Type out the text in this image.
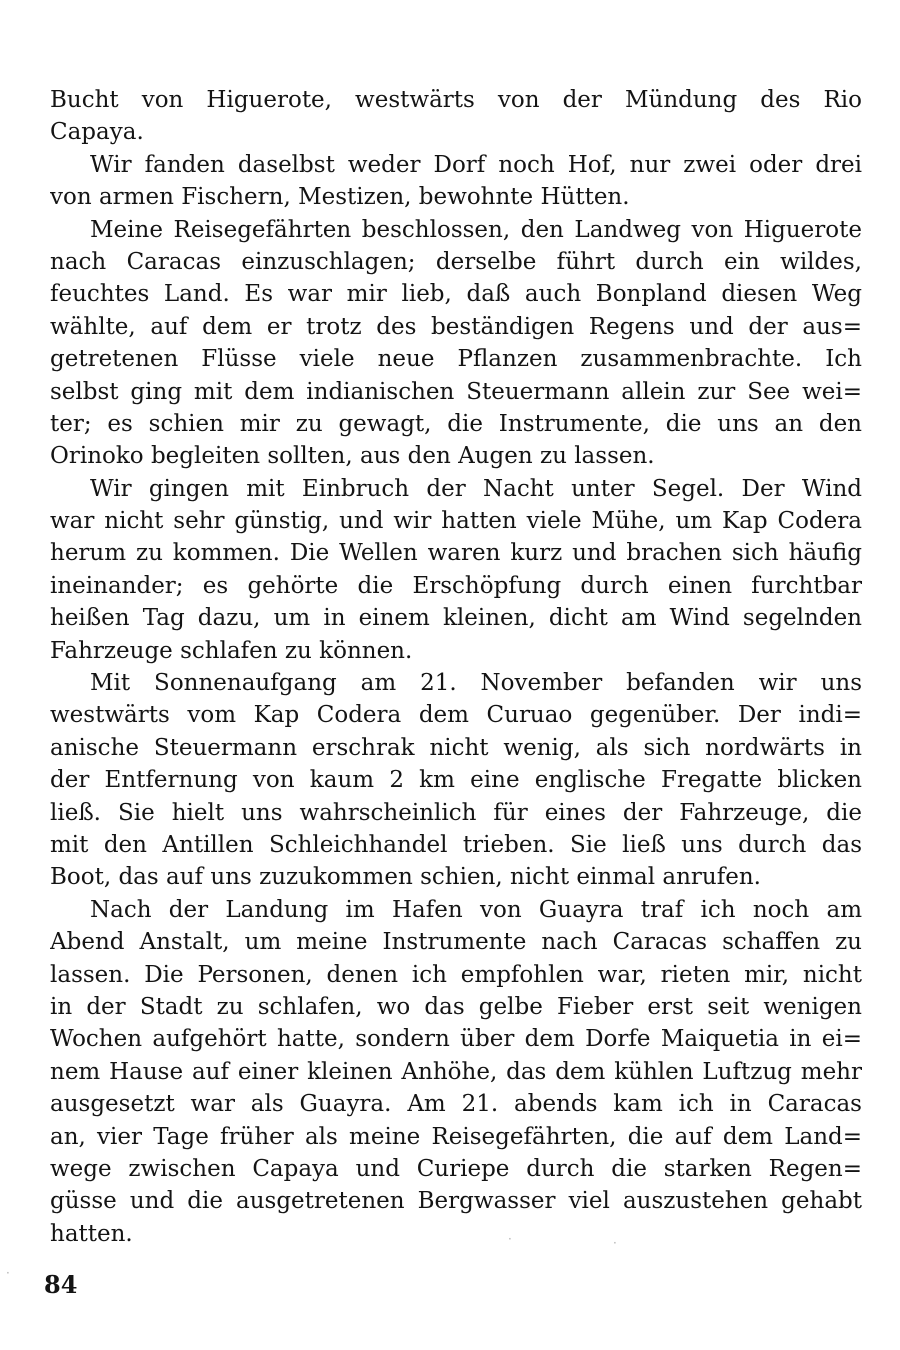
Bucht von Higuerote, westwärts von der Mündung des Rio
Capaya.
Wir fanden daselbst weder Dorf noch Hof, nur zwei oder drei
von armen Fischern, Mestizen, bewohnte Hütten.
Meine Reisegefährten beschlossen, den Landweg von Higuerote
nach Caracas einzuschlagen; derselbe führt durch ein wildes,
feuchtes Land. Es war mir lieb, daß auch Bonpland diesen Weg
wählte, auf dem er trotz des beständigen Regens und der aus=
getretenen Flüsse viele neue Pflanzen zusammenbrachte. Ich
selbst ging mit dem indianischen Steuermann allein zur See wei=
ter; es schien mir zu gewagt, die Instrumente, die uns an den
Orinoko begleiten sollten, aus den Augen zu lassen.
Wir gingen mit Einbruch der Nacht unter Segel. Der Wind
war nicht sehr günstig, und wir hatten viele Mühe, um Kap Codera
herum zu kommen. Die Wellen waren kurz und brachen sich häufig
ineinander; es gehörte die Erschöpfung durch einen furchtbar
heißen Tag dazu, um in einem kleinen, dicht am Wind segelnden
Fahrzeuge schlafen zu können.
Mit Sonnenaufgang am 21. November befanden wir uns
westwärts vom Kap Codera dem Curuao gegenüber. Der indi=
anische Steuermann erschrak nicht wenig, als sich nordwärts in
der Entfernung von kaum 2 km eine englische Fregatte blicken
ließ. Sie hielt uns wahrscheinlich für eines der Fahrzeuge, die
mit den Antillen Schleichhandel trieben. Sie ließ uns durch das
Boot, das auf uns zuzukommen schien, nicht einmal anrufen.
Nach der Landung im Hafen von Guayra traf ich noch am
Abend Anstalt, um meine Instrumente nach Caracas schaffen zu
lassen. Die Personen, denen ich empfohlen war, rieten mir, nicht
in der Stadt zu schlafen, wo das gelbe Fieber erst seit wenigen
Wochen aufgehört hatte, sondern über dem Dorfe Maiquetia in ei=
nem Hause auf einer kleinen Anhöhe, das dem kühlen Luftzug mehr
ausgesetzt war als Guayra. Am 21. abends kam ich in Caracas
an, vier Tage früher als meine Reisegefährten, die auf dem Land=
wege zwischen Capaya und Curiepe durch die starken Regen=
güsse und die ausgetretenen Bergwasser viel auszustehen gehabt
hatten.	·	·
· 84
